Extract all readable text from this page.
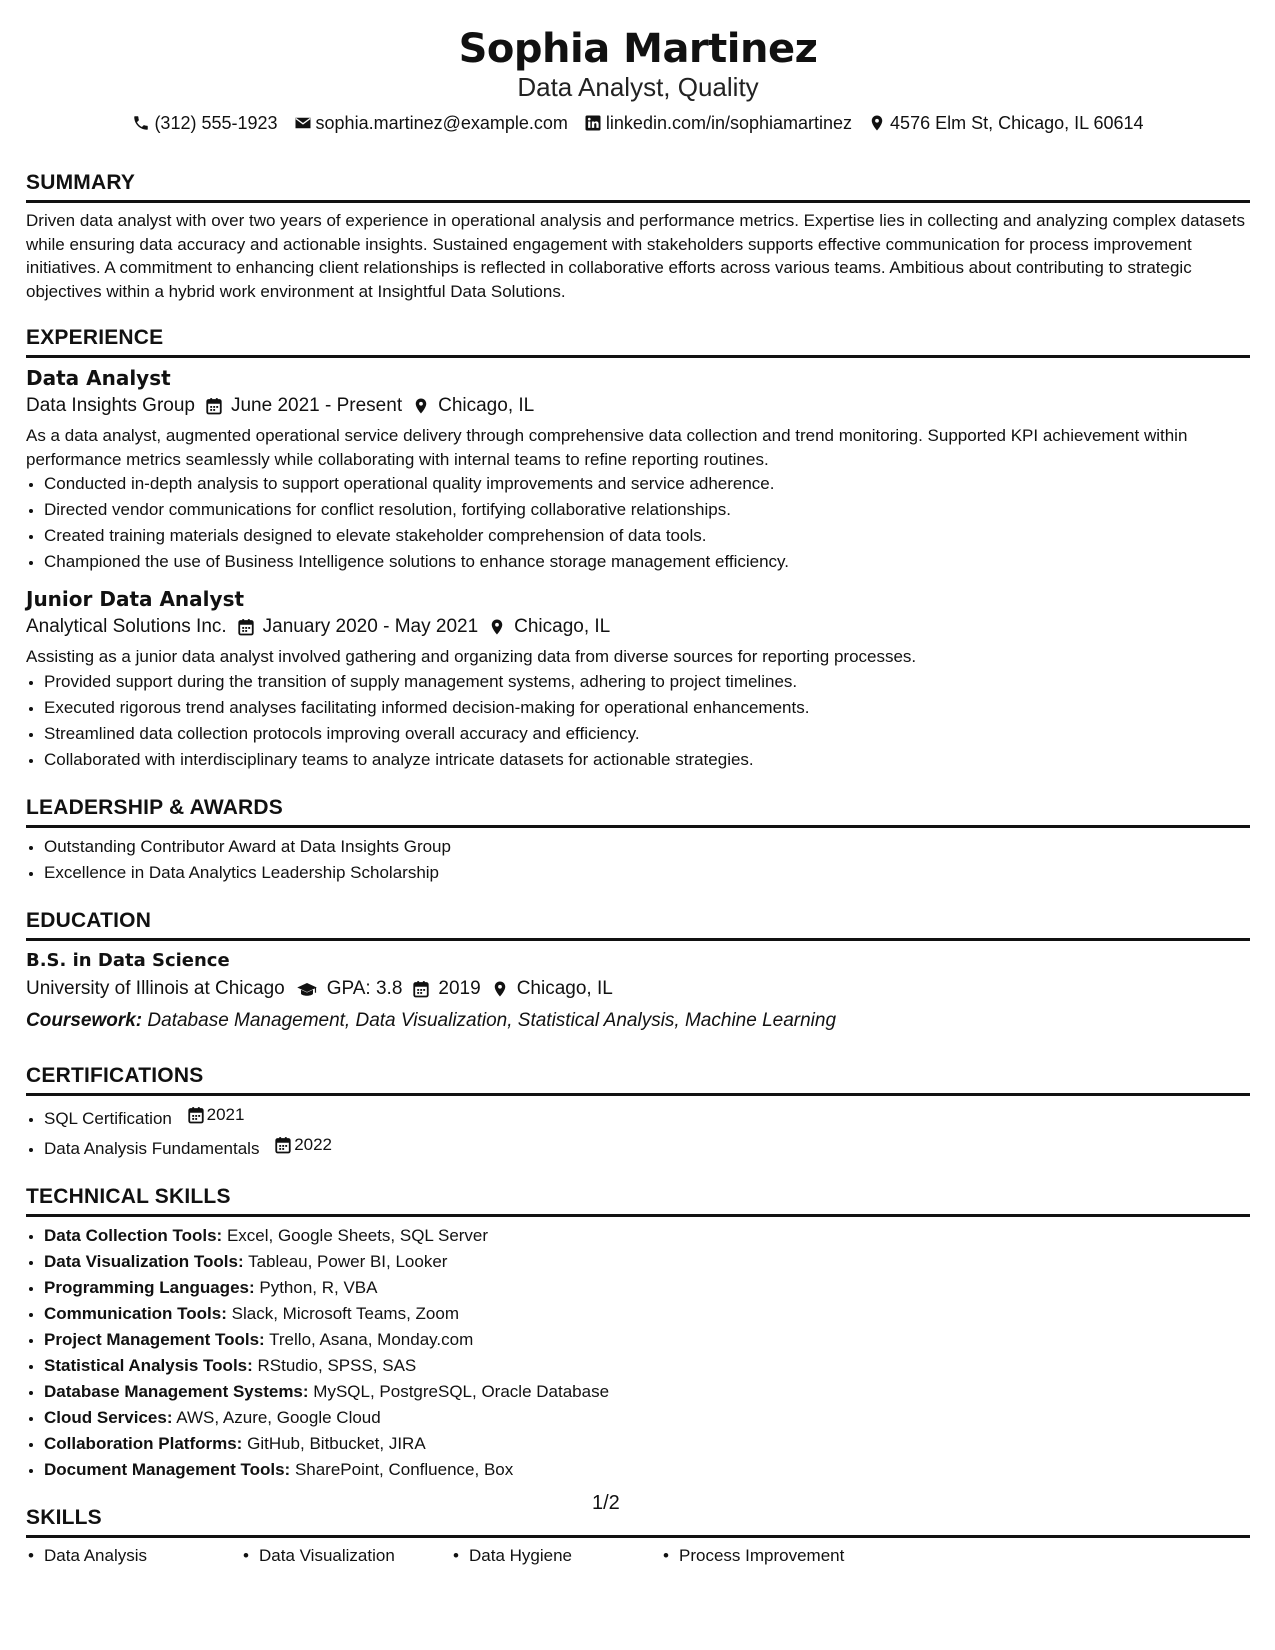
Sophia Martinez
Data Analyst, Quality
(312) 555-1923 sophia.martinez@example.com linkedin.com/in/sophiamartinez 4576 Elm St, Chicago, IL 60614
SUMMARY

Driven data analyst with over two years of experience in operational analysis and performance metrics. Expertise lies in collecting and analyzing complex datasets while ensuring data accuracy and actionable insights. Sustained engagement with stakeholders supports effective communication for process improvement initiatives. A commitment to enhancing client relationships is reflected in collaborative efforts across various teams. Ambitious about contributing to strategic objectives within a hybrid work environment at Insightful Data Solutions.

EXPERIENCE
Data Analyst
Data Insights Group June 2021 - Present Chicago, IL

As a data analyst, augmented operational service delivery through comprehensive data collection and trend monitoring. Supported KPI achievement within performance metrics seamlessly while collaborating with internal teams to refine reporting routines.

• Conducted in-depth analysis to support operational quality improvements and service adherence.
• Directed vendor communications for conflict resolution, fortifying collaborative relationships.
• Created training materials designed to elevate stakeholder comprehension of data tools.
• Championed the use of Business Intelligence solutions to enhance storage management efficiency.
Junior Data Analyst
Analytical Solutions Inc. January 2020 - May 2021 Chicago, IL

Assisting as a junior data analyst involved gathering and organizing data from diverse sources for reporting processes.

• Provided support during the transition of supply management systems, adhering to project timelines.
• Executed rigorous trend analyses facilitating informed decision-making for operational enhancements.
• Streamlined data collection protocols improving overall accuracy and efficiency.
• Collaborated with interdisciplinary teams to analyze intricate datasets for actionable strategies.
LEADERSHIP & AWARDS
• Outstanding Contributor Award at Data Insights Group
• Excellence in Data Analytics Leadership Scholarship
EDUCATION
B.S. in Data Science
University of Illinois at Chicago GPA: 3.8 2019 Chicago, IL
Coursework: Database Management, Data Visualization, Statistical Analysis, Machine Learning
CERTIFICATIONS
• SQL Certification 2021
• Data Analysis Fundamentals 2022
TECHNICAL SKILLS
• Data Collection Tools: Excel, Google Sheets, SQL Server
• Data Visualization Tools: Tableau, Power BI, Looker
• Programming Languages: Python, R, VBA
• Communication Tools: Slack, Microsoft Teams, Zoom
• Project Management Tools: Trello, Asana, Monday.com
• Statistical Analysis Tools: RStudio, SPSS, SAS
• Database Management Systems: MySQL, PostgreSQL, Oracle Database
• Cloud Services: AWS, Azure, Google Cloud
• Collaboration Platforms: GitHub, Bitbucket, JIRA
• Document Management Tools: SharePoint, Confluence, Box
SKILLS
• Data Analysis	• Data Visualization	• Data Hygiene	• Process Improvement
1/2
